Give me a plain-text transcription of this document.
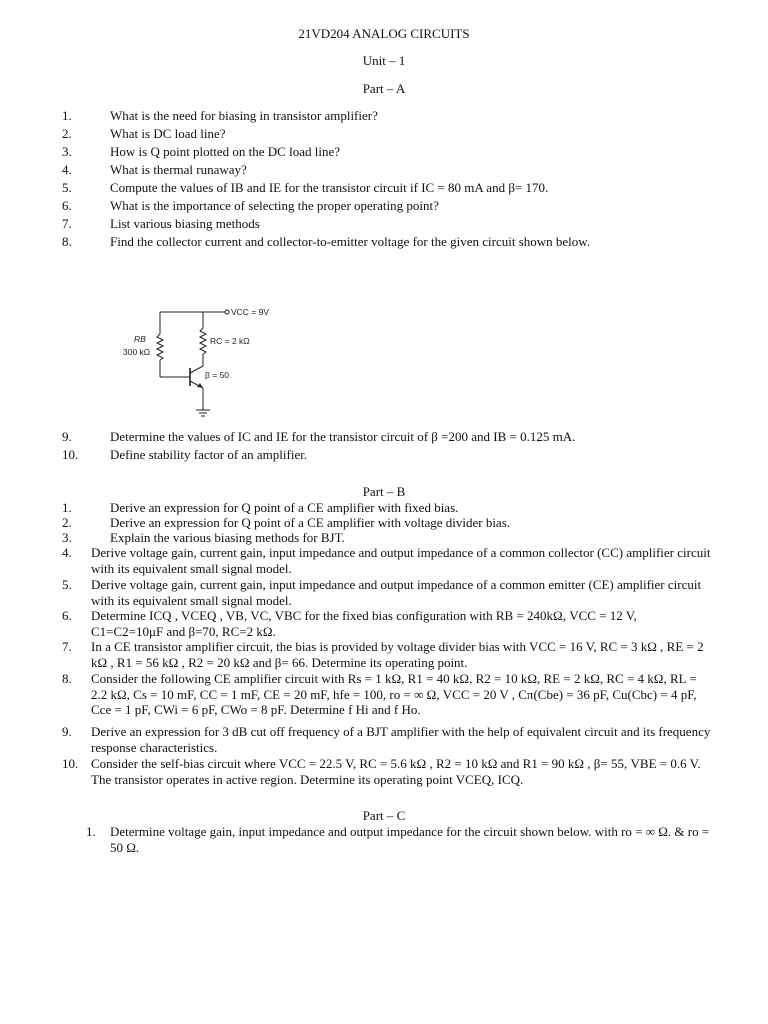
21VD204 ANALOG CIRCUITS
Unit – 1
Part – A
1.	What is the need for biasing in transistor amplifier?
2.	What is DC load line?
3.	How is Q point plotted on the DC load line?
4.	What is thermal runaway?
5.	Compute the values of IB and IE for the transistor circuit if IC = 80 mA and β= 170.
6.	What is the importance of selecting the proper operating point?
7.	List various biasing methods
8.	Find the collector current and collector-to-emitter voltage for the given circuit shown below.
VCC = 9V
RB
300 kΩ
RC = 2 kΩ
β = 50
9.	Determine the values of IC and IE for the transistor circuit of β =200 and IB = 0.125 mA.
10.	Define stability factor of an amplifier.
Part – B
1.	Derive an expression for Q point of a CE amplifier with fixed bias.
2.	Derive an expression for Q point of a CE amplifier with voltage divider bias.
3.	Explain the various biasing methods for BJT.
4.	Derive voltage gain, current gain, input impedance and output impedance of a common collector (CC) amplifier circuit with its equivalent small signal model.
5.	Derive voltage gain, current gain, input impedance and output impedance of a common emitter (CE) amplifier circuit with its equivalent small signal model.
6.	Determine ICQ , VCEQ , VB, VC, VBC for the fixed bias configuration with RB = 240kΩ, VCC = 12 V, C1=C2=10μF and β=70, RC=2 kΩ.
7.	In a CE transistor amplifier circuit, the bias is provided by voltage divider bias with VCC = 16 V, RC = 3 kΩ , RE = 2 kΩ , R1 = 56 kΩ , R2 = 20 kΩ and β= 66. Determine its operating point.
8.	Consider the following CE amplifier circuit with Rs = 1 kΩ, R1 = 40 kΩ, R2 = 10 kΩ, RE = 2 kΩ, RC = 4 kΩ, RL = 2.2 kΩ, Cs = 10 mF, CC = 1 mF, CE = 20 mF, hfe = 100, ro = ∞ Ω, VCC = 20 V , Cπ(Cbe) = 36 pF, Cu(Cbc) = 4 pF, Cce = 1 pF, CWi = 6 pF, CWo = 8 pF. Determine f Hi and f Ho.
9.	Derive an expression for 3 dB cut off frequency of a BJT amplifier with the help of equivalent circuit and its frequency response characteristics.
10. Consider the self-bias circuit where VCC = 22.5 V, RC = 5.6 kΩ , R2 = 10 kΩ and R1 = 90 kΩ , β= 55, VBE = 0.6 V. The transistor operates in active region. Determine its operating point VCEQ, ICQ.
Part – C
1.	Determine voltage gain, input impedance and output impedance for the circuit shown below. with ro = ∞ Ω. & ro = 50 Ω.
